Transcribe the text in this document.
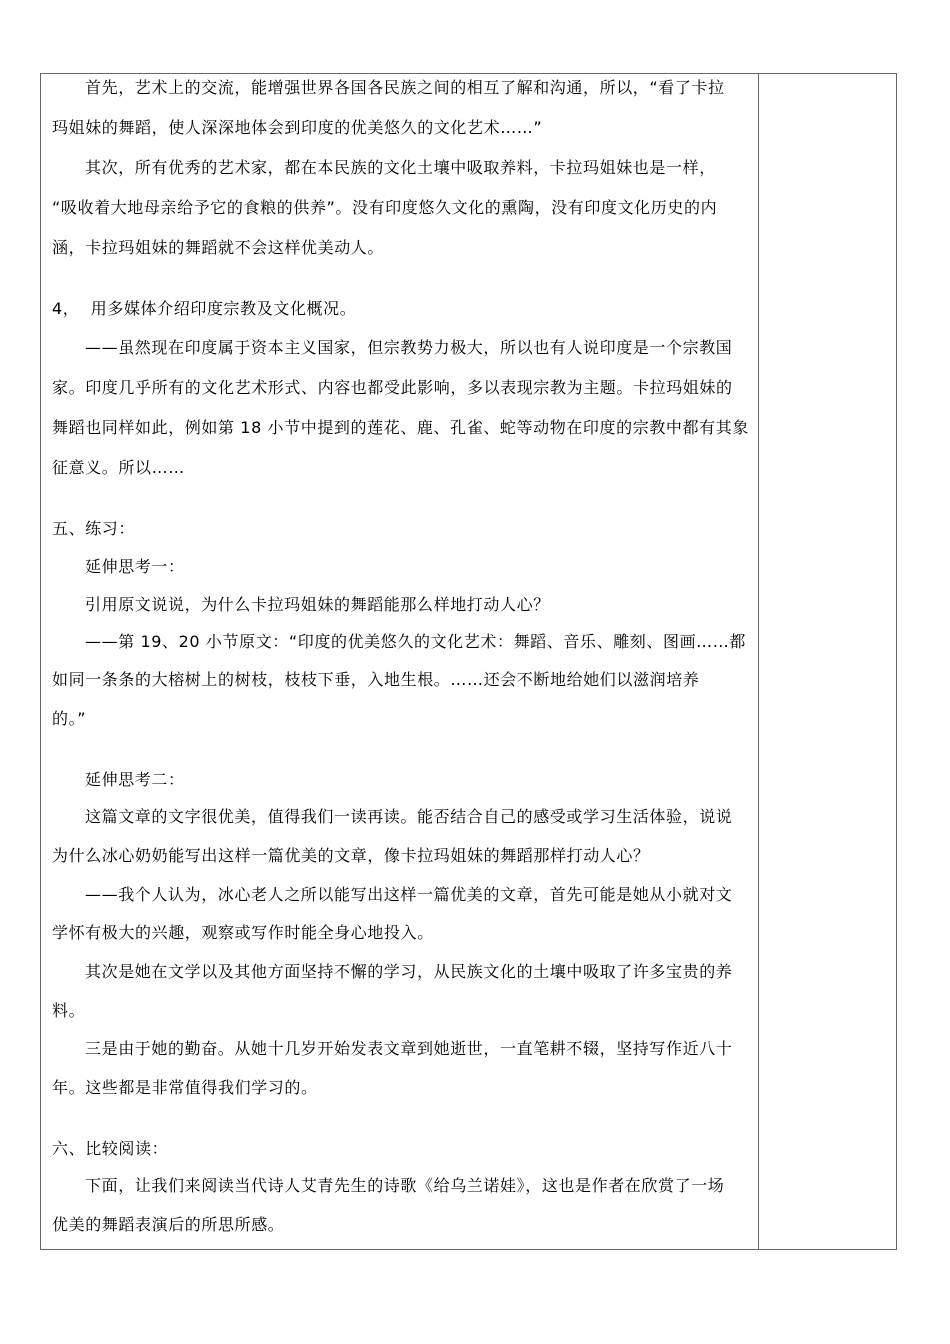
首先，艺术上的交流，能增强世界各国各民族之间的相互了解和沟通，所以，“看了卡拉
玛姐妹的舞蹈，使人深深地体会到印度的优美悠久的文化艺术……”
其次，所有优秀的艺术家，都在本民族的文化土壤中吸取养料，卡拉玛姐妹也是一样，
“吸收着大地母亲给予它的食粮的供养”。没有印度悠久文化的熏陶，没有印度文化历史的内
涵，卡拉玛姐妹的舞蹈就不会这样优美动人。
4，  用多媒体介绍印度宗教及文化概况。
——虽然现在印度属于资本主义国家，但宗教势力极大，所以也有人说印度是一个宗教国
家。印度几乎所有的文化艺术形式、内容也都受此影响，多以表现宗教为主题。卡拉玛姐妹的
舞蹈也同样如此，例如第 18 小节中提到的莲花、鹿、孔雀、蛇等动物在印度的宗教中都有其象
征意义。所以……
五、练习：
延伸思考一：
引用原文说说，为什么卡拉玛姐妹的舞蹈能那么样地打动人心？
——第 19、20 小节原文：“印度的优美悠久的文化艺术：舞蹈、音乐、雕刻、图画……都
如同一条条的大榕树上的树枝，枝枝下垂，入地生根。……还会不断地给她们以滋润培养
的。”
延伸思考二：
这篇文章的文字很优美，值得我们一读再读。能否结合自己的感受或学习生活体验，说说
为什么冰心奶奶能写出这样一篇优美的文章，像卡拉玛姐妹的舞蹈那样打动人心？
——我个人认为，冰心老人之所以能写出这样一篇优美的文章，首先可能是她从小就对文
学怀有极大的兴趣，观察或写作时能全身心地投入。
其次是她在文学以及其他方面坚持不懈的学习，从民族文化的土壤中吸取了许多宝贵的养
料。
三是由于她的勤奋。从她十几岁开始发表文章到她逝世，一直笔耕不辍，坚持写作近八十
年。这些都是非常值得我们学习的。
六、比较阅读：
下面，让我们来阅读当代诗人艾青先生的诗歌《给乌兰诺娃》，这也是作者在欣赏了一场
优美的舞蹈表演后的所思所感。
